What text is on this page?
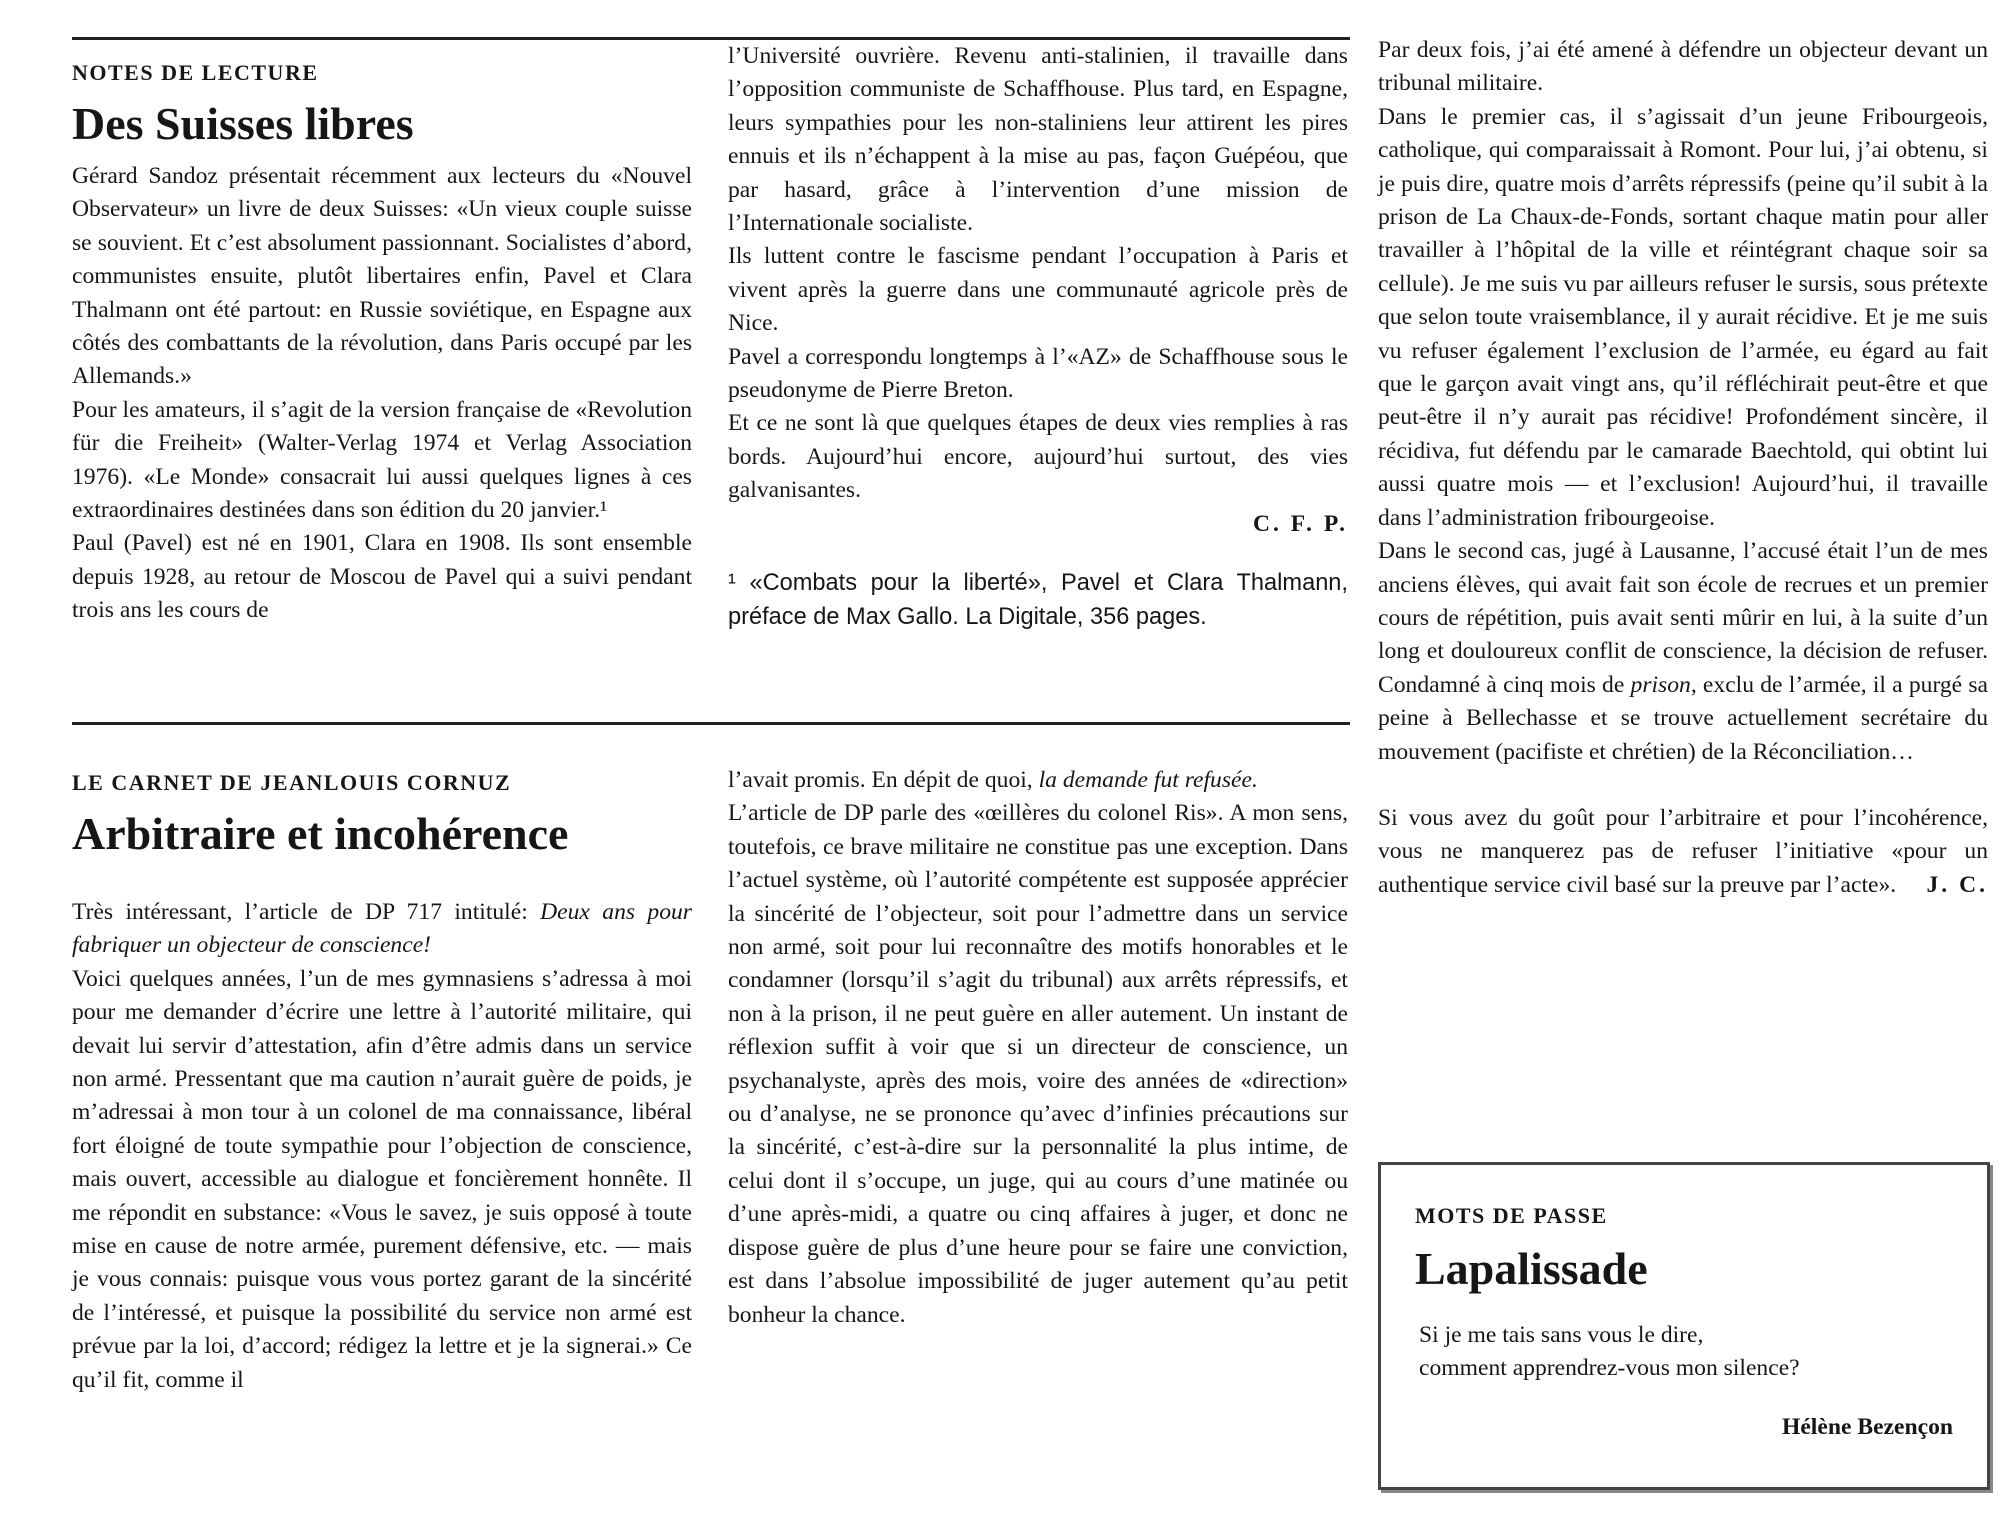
NOTES DE LECTURE
Des Suisses libres

Gérard Sandoz présentait récemment aux lecteurs du «Nouvel Observateur» un livre de deux Suisses: «Un vieux couple suisse se souvient. Et c’est absolument passionnant. Socialistes d’abord, communistes ensuite, plutôt libertaires enfin, Pavel et Clara Thalmann ont été partout: en Russie soviétique, en Espagne aux côtés des combattants de la révolution, dans Paris occupé par les Allemands.»

Pour les amateurs, il s’agit de la version française de «Revolution für die Freiheit» (Walter-Verlag 1974 et Verlag Association 1976). «Le Monde» consacrait lui aussi quelques lignes à ces extraordinaires destinées dans son édition du 20 janvier.¹

Paul (Pavel) est né en 1901, Clara en 1908. Ils sont ensemble depuis 1928, au retour de Moscou de Pavel qui a suivi pendant trois ans les cours de

l’Université ouvrière. Revenu anti-stalinien, il travaille dans l’opposition communiste de Schaffhouse. Plus tard, en Espagne, leurs sympathies pour les non-staliniens leur attirent les pires ennuis et ils n’échappent à la mise au pas, façon Guépéou, que par hasard, grâce à l’intervention d’une mission de l’Internationale socialiste.

Ils luttent contre le fascisme pendant l’occupation à Paris et vivent après la guerre dans une communauté agricole près de Nice.

Pavel a correspondu longtemps à l’«AZ» de Schaffhouse sous le pseudonyme de Pierre Breton.

Et ce ne sont là que quelques étapes de deux vies remplies à ras bords. Aujourd’hui encore, aujourd’hui surtout, des vies galvanisantes.

C. F. P.

¹ «Combats pour la liberté», Pavel et Clara Thalmann, préface de Max Gallo. La Digitale, 356 pages.

LE CARNET DE JEANLOUIS CORNUZ
Arbitraire et incohérence

Très intéressant, l’article de DP 717 intitulé: Deux ans pour fabriquer un objecteur de conscience!

Voici quelques années, l’un de mes gymnasiens s’adressa à moi pour me demander d’écrire une lettre à l’autorité militaire, qui devait lui servir d’attestation, afin d’être admis dans un service non armé. Pressentant que ma caution n’aurait guère de poids, je m’adressai à mon tour à un colonel de ma connaissance, libéral fort éloigné de toute sympathie pour l’objection de conscience, mais ouvert, accessible au dialogue et foncièrement honnête. Il me répondit en substance: «Vous le savez, je suis opposé à toute mise en cause de notre armée, purement défensive, etc. — mais je vous connais: puisque vous vous portez garant de la sincérité de l’intéressé, et puisque la possibilité du service non armé est prévue par la loi, d’accord; rédigez la lettre et je la signerai.» Ce qu’il fit, comme il

l’avait promis. En dépit de quoi, la demande fut refusée.

L’article de DP parle des «œillères du colonel Ris». A mon sens, toutefois, ce brave militaire ne constitue pas une exception. Dans l’actuel système, où l’autorité compétente est supposée apprécier la sincérité de l’objecteur, soit pour l’admettre dans un service non armé, soit pour lui reconnaître des motifs honorables et le condamner (lorsqu’il s’agit du tribunal) aux arrêts répressifs, et non à la prison, il ne peut guère en aller autement. Un instant de réflexion suffit à voir que si un directeur de conscience, un psychanalyste, après des mois, voire des années de «direction» ou d’analyse, ne se prononce qu’avec d’infinies précautions sur la sincérité, c’est-à-dire sur la personnalité la plus intime, de celui dont il s’occupe, un juge, qui au cours d’une matinée ou d’une après-midi, a quatre ou cinq affaires à juger, et donc ne dispose guère de plus d’une heure pour se faire une conviction, est dans l’absolue impossibilité de juger autement qu’au petit bonheur la chance.

Par deux fois, j’ai été amené à défendre un objecteur devant un tribunal militaire.

Dans le premier cas, il s’agissait d’un jeune Fribourgeois, catholique, qui comparaissait à Romont. Pour lui, j’ai obtenu, si je puis dire, quatre mois d’arrêts répressifs (peine qu’il subit à la prison de La Chaux-de-Fonds, sortant chaque matin pour aller travailler à l’hôpital de la ville et réintégrant chaque soir sa cellule). Je me suis vu par ailleurs refuser le sursis, sous prétexte que selon toute vraisemblance, il y aurait récidive. Et je me suis vu refuser également l’exclusion de l’armée, eu égard au fait que le garçon avait vingt ans, qu’il réfléchirait peut-être et que peut-être il n’y aurait pas récidive! Profondément sincère, il récidiva, fut défendu par le camarade Baechtold, qui obtint lui aussi quatre mois — et l’exclusion! Aujourd’hui, il travaille dans l’administration fribourgeoise.

Dans le second cas, jugé à Lausanne, l’accusé était l’un de mes anciens élèves, qui avait fait son école de recrues et un premier cours de répétition, puis avait senti mûrir en lui, à la suite d’un long et douloureux conflit de conscience, la décision de refuser. Condamné à cinq mois de prison, exclu de l’armée, il a purgé sa peine à Bellechasse et se trouve actuellement secrétaire du mouvement (pacifiste et chrétien) de la Réconciliation…

Si vous avez du goût pour l’arbitraire et pour l’incohérence, vous ne manquerez pas de refuser l’initiative «pour un authentique service civil basé sur la preuve par l’acte». J. C.

MOTS DE PASSE
Lapalissade

Si je me tais sans vous le dire,

comment apprendrez-vous mon silence?

Hélène Bezençon
